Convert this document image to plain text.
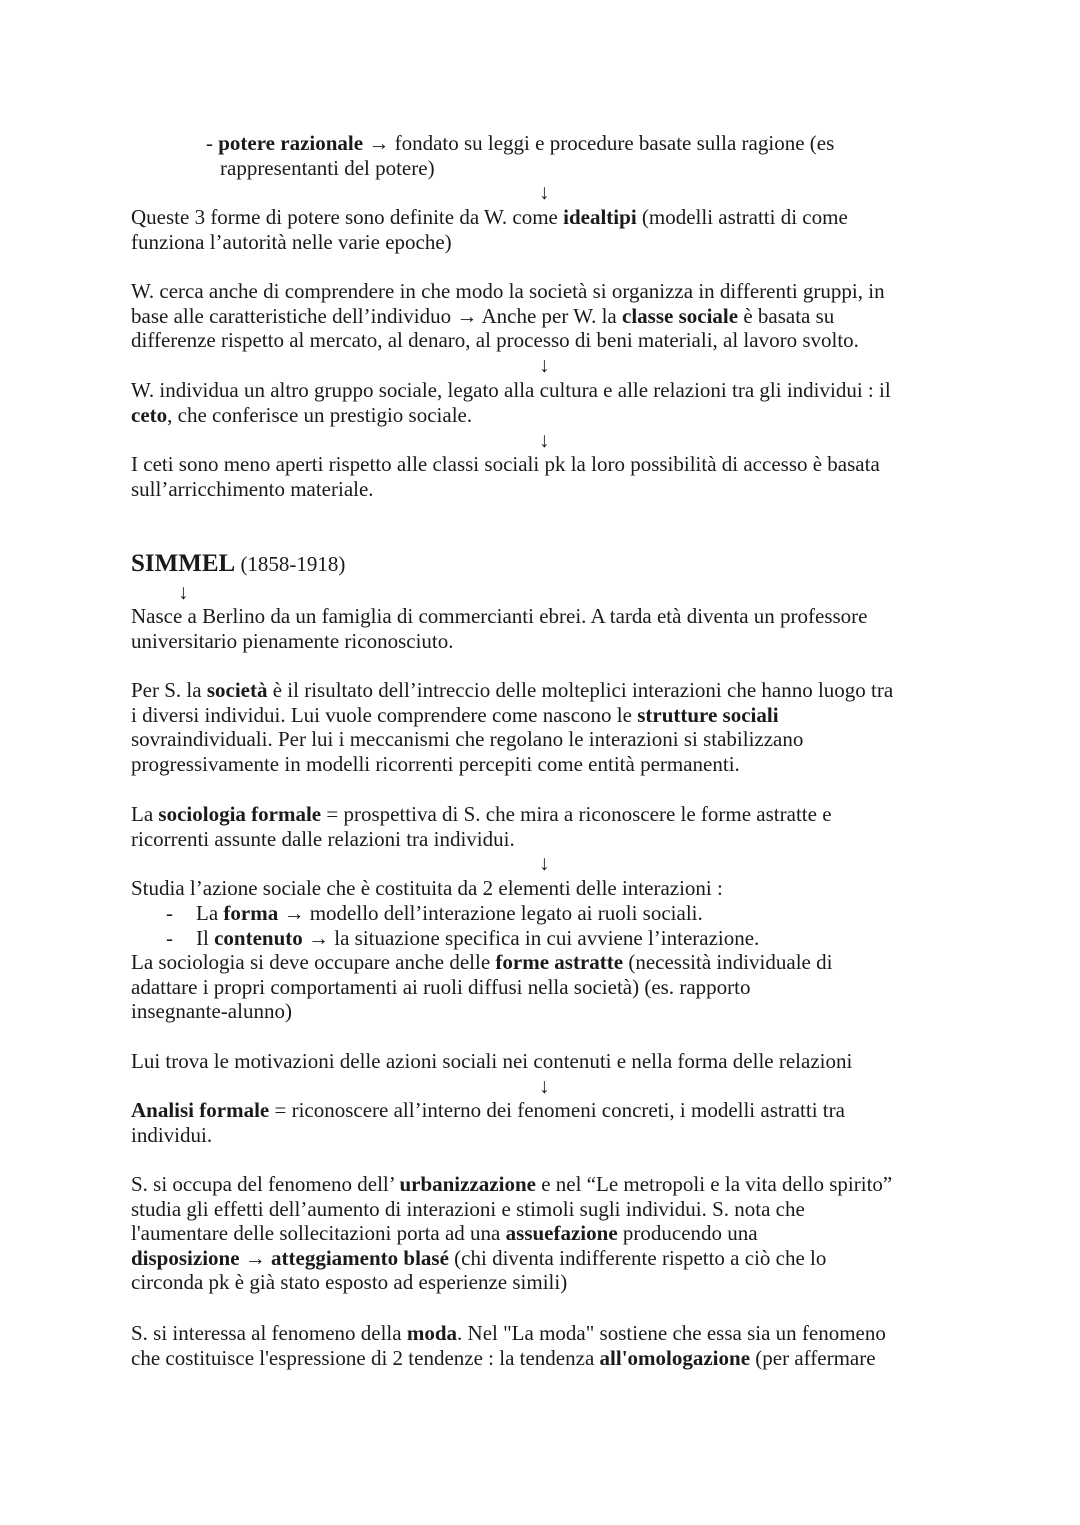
- potere razionale → fondato su leggi e procedure basate sulla ragione (es
rappresentanti del potere)

↓

Queste 3 forme di potere sono definite da W. come idealtipi (modelli astratti di come
funziona l’autorità nelle varie epoche)

W. cerca anche di comprendere in che modo la società si organizza in differenti gruppi, in
base alle caratteristiche dell’individuo → Anche per W. la classe sociale è basata su
differenze rispetto al mercato, al denaro, al processo di beni materiali, al lavoro svolto.

↓

W. individua un altro gruppo sociale, legato alla cultura e alle relazioni tra gli individui : il
ceto, che conferisce un prestigio sociale.

↓

I ceti sono meno aperti rispetto alle classi sociali pk la loro possibilità di accesso è basata
sull’arricchimento materiale.

SIMMEL (1858-1918)

↓

Nasce a Berlino da un famiglia di commercianti ebrei. A tarda età diventa un professore
universitario pienamente riconosciuto.

Per S. la società è il risultato dell’intreccio delle molteplici interazioni che hanno luogo tra
i diversi individui. Lui vuole comprendere come nascono le strutture sociali
sovraindividuali. Per lui i meccanismi che regolano le interazioni si stabilizzano
progressivamente in modelli ricorrenti percepiti come entità permanenti.

La sociologia formale = prospettiva di S. che mira a riconoscere le forme astratte e
ricorrenti assunte dalle relazioni tra individui.

↓

Studia l’azione sociale che è costituita da 2 elementi delle interazioni :

- La forma → modello dell’interazione legato ai ruoli sociali.

- Il contenuto → la situazione specifica in cui avviene l’interazione.

La sociologia si deve occupare anche delle forme astratte (necessità individuale di
adattare i propri comportamenti ai ruoli diffusi nella società) (es. rapporto
insegnante-alunno)

Lui trova le motivazioni delle azioni sociali nei contenuti e nella forma delle relazioni

↓

Analisi formale = riconoscere all’interno dei fenomeni concreti, i modelli astratti tra
individui.

S. si occupa del fenomeno dell’ urbanizzazione e nel “Le metropoli e la vita dello spirito”
studia gli effetti dell’aumento di interazioni e stimoli sugli individui. S. nota che
l'aumentare delle sollecitazioni porta ad una assuefazione producendo una
disposizione → atteggiamento blasé (chi diventa indifferente rispetto a ciò che lo
circonda pk è già stato esposto ad esperienze simili)

S. si interessa al fenomeno della moda. Nel "La moda" sostiene che essa sia un fenomeno
che costituisce l'espressione di 2 tendenze : la tendenza all'omologazione (per affermare
